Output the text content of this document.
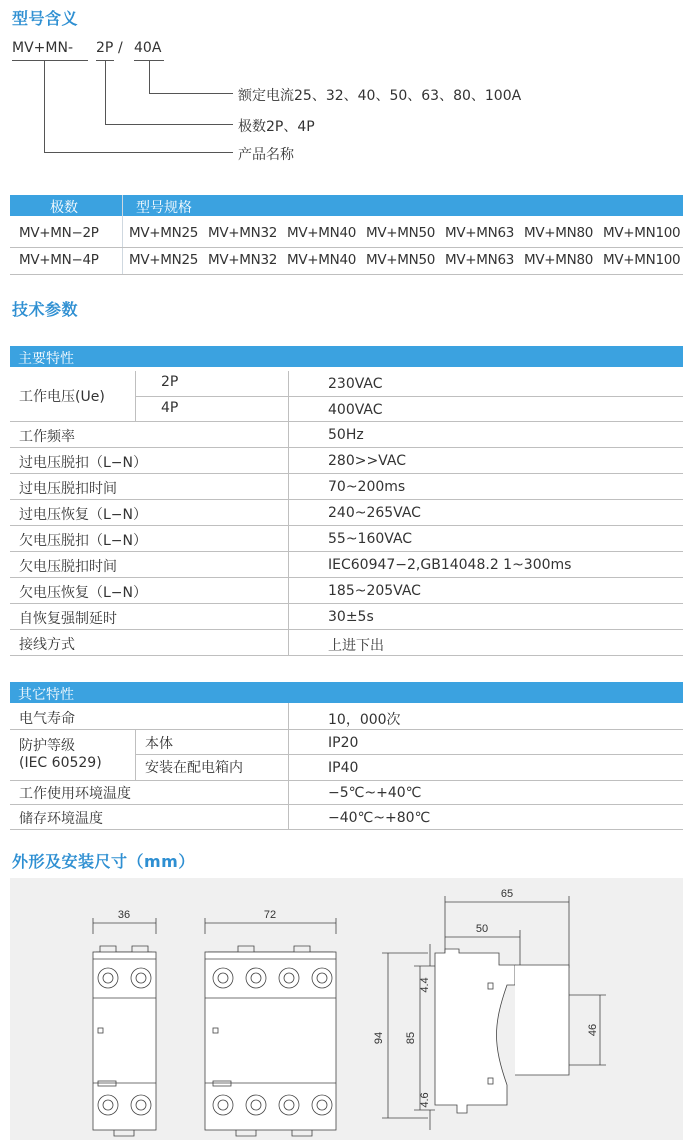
型号含义
MV+MN- 2P / 40A
额定电流25、32、40、50、63、80、100A
极数2P、4P
产品名称
极数	型号规格
MV+MN−2P MV+MN25 MV+MN32 MV+MN40 MV+MN50 MV+MN63 MV+MN80 MV+MN100
MV+MN−4P MV+MN25 MV+MN32 MV+MN40 MV+MN50 MV+MN63 MV+MN80 MV+MN100
技术参数
主要特性
工作电压(Ue)
2P	230VAC
4P	400VAC
工作频率	50Hz
过电压脱扣（L−N）	280>>VAC
过电压脱扣时间	70~200ms
过电压恢复（L−N）	240~265VAC
欠电压脱扣（L−N）	55~160VAC
欠电压脱扣时间	IEC60947−2,GB14048.2 1~300ms
欠电压恢复（L−N）	185~205VAC
自恢复强制延时	30±5s
接线方式	上进下出
其它特性
电气寿命	10，000次
防护等级
(IEC 60529)
本体	IP20
安装在配电箱内	IP40
工作使用环境温度	−5℃~+40℃
储存环境温度	−40℃~+80℃
外形及安装尺寸（mm）
36	72
65
50
94 85
4.4
4.6
46
